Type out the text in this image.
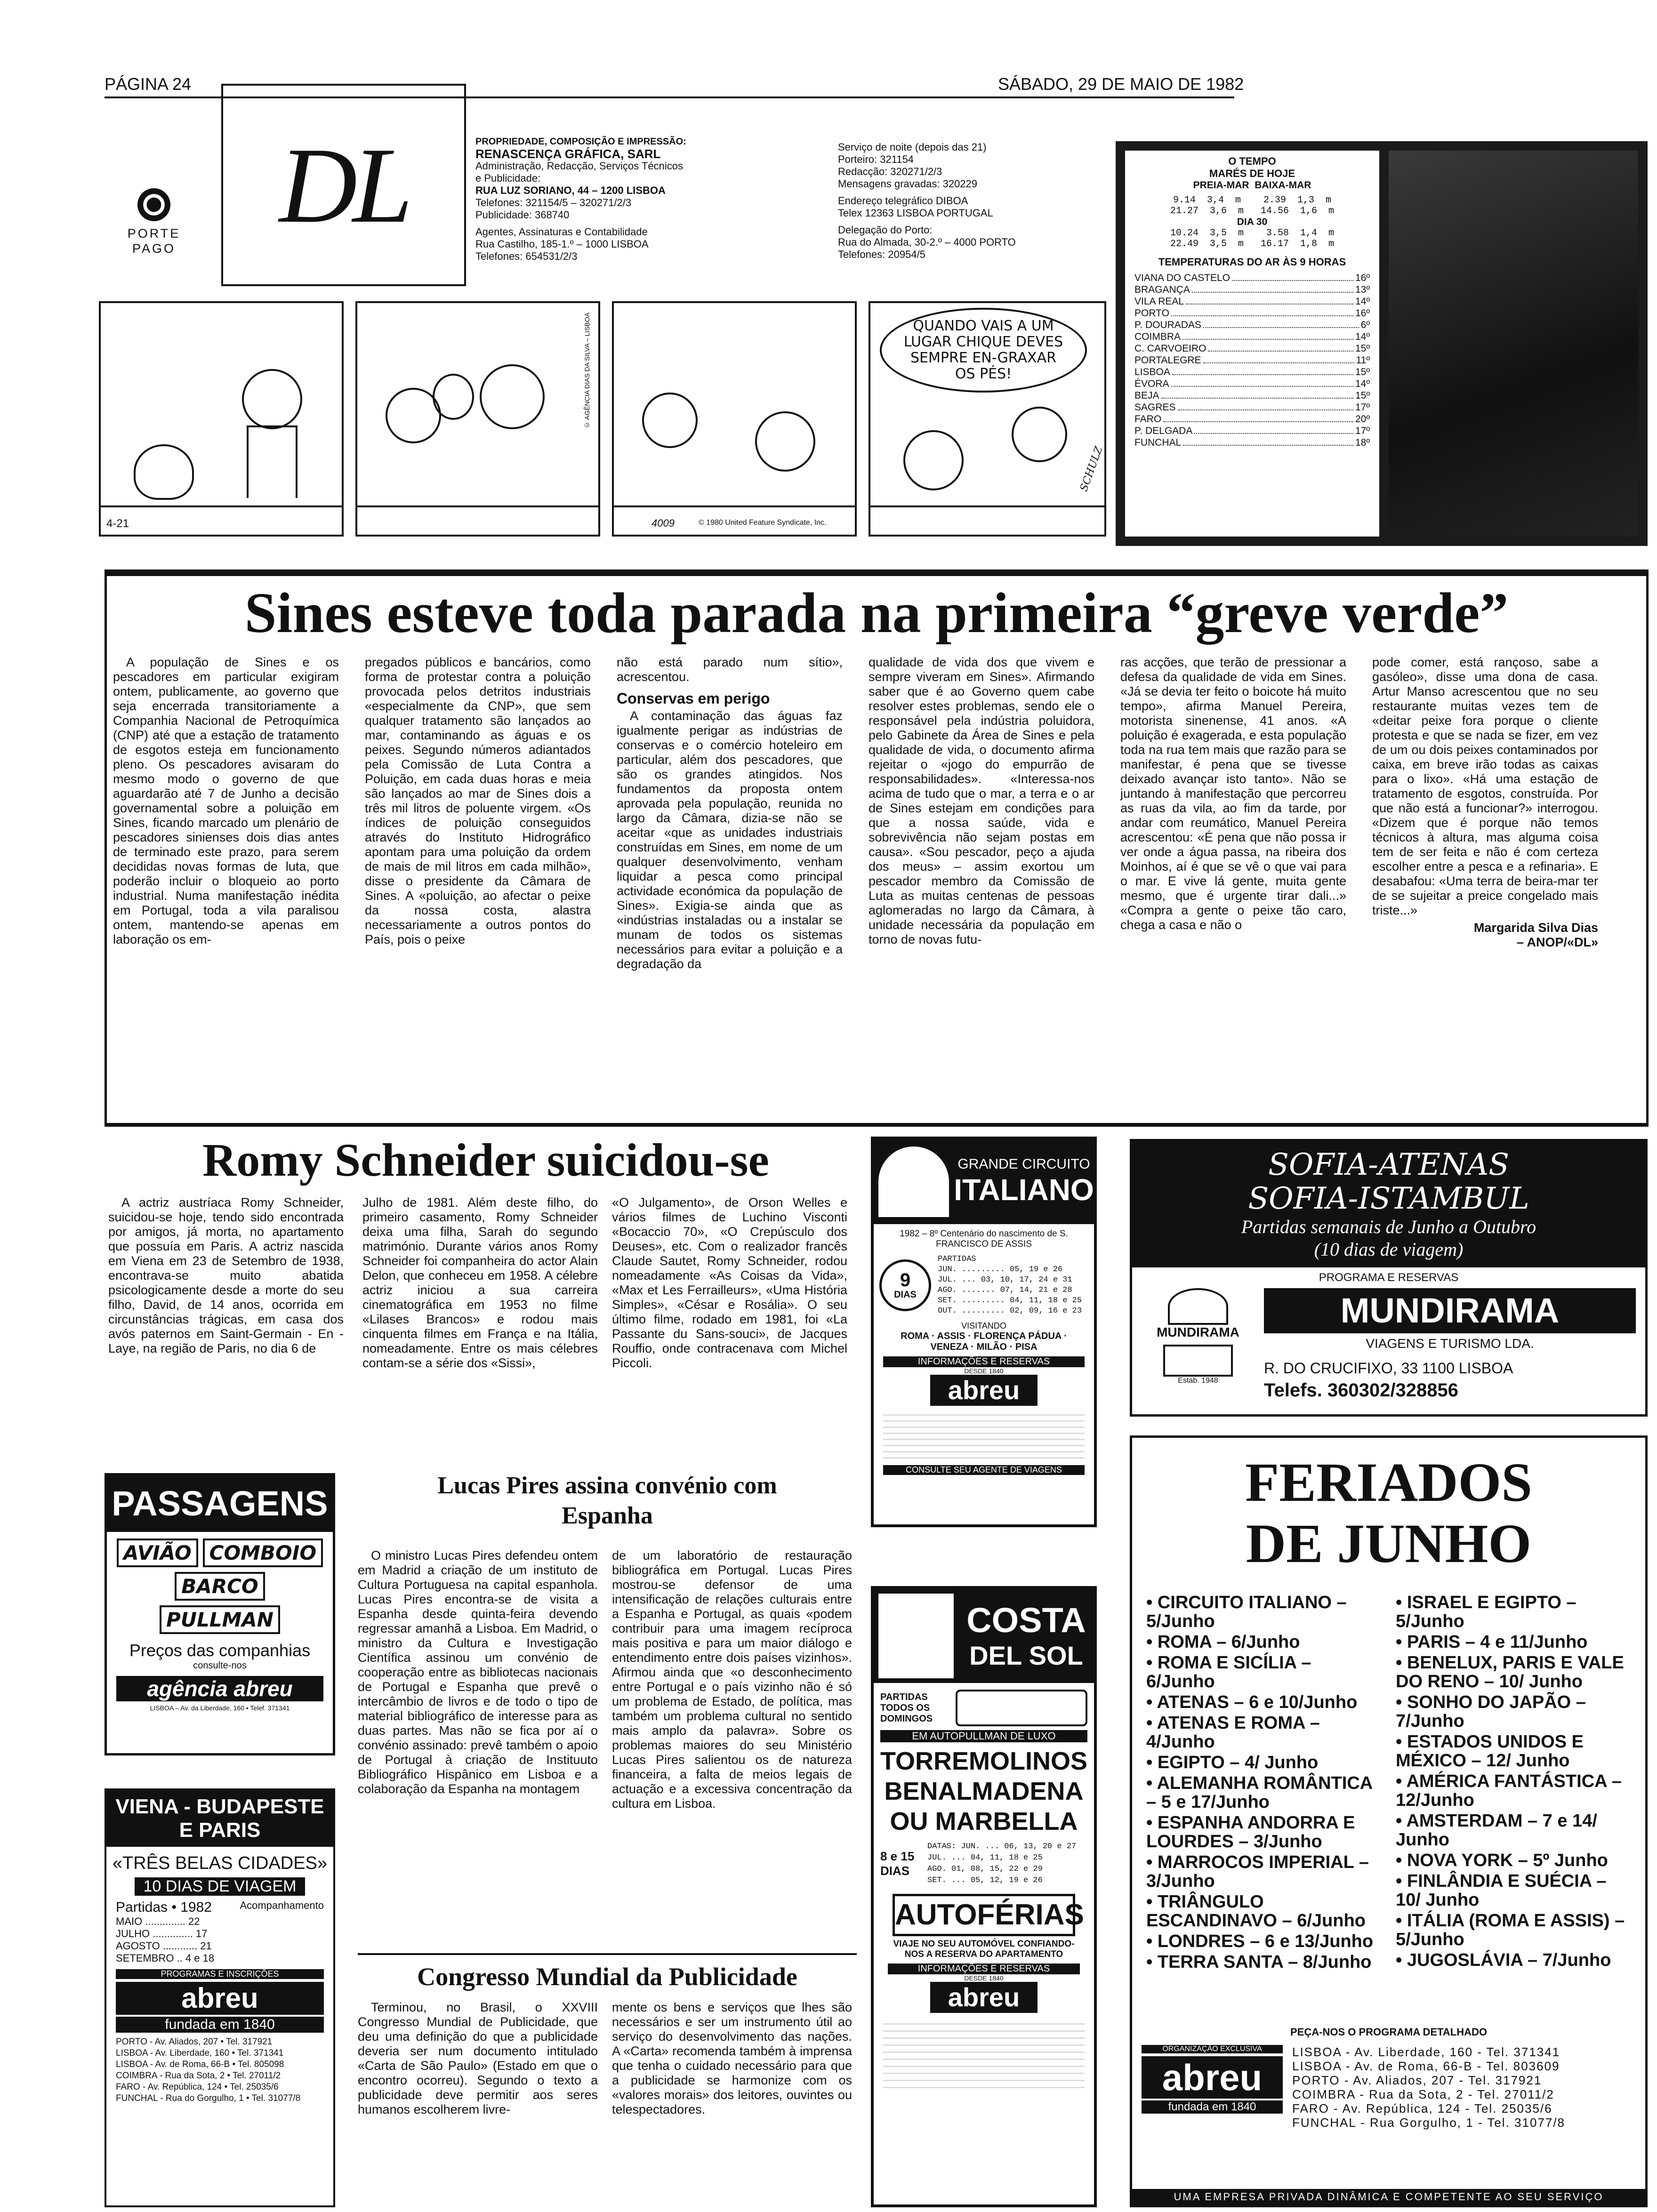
PÁGINA 24	SÁBADO, 29 DE MAIO DE 1982
PORTE PAGO
DL	PROPRIEDADE, COMPOSIÇÃO E IMPRESSÃO:
RENASCENÇA GRÁFICA, SARL
Administração, Redacção, Serviços Técnicos
e Publicidade:
RUA LUZ SORIANO, 44 – 1200 LISBOA
Telefones: 321154/5 – 320271/2/3
Publicidade: 368740
Agentes, Assinaturas e Contabilidade
Rua Castilho, 185-1.º – 1000 LISBOA
Telefones: 654531/2/3
Serviço de noite (depois das 21)
Porteiro: 321154
Redacção: 320271/2/3
Mensagens gravadas: 320229
Endereço telegráfico DIBOA
Telex 12363 LISBOA PORTUGAL
Delegação do Porto:
Rua do Almada, 30-2.º – 4000 PORTO
Telefones: 20954/5
O TEMPO
MARÉS DE HOJE
PREIA-MAR  BAIXA-MAR
9.14  3,4  m    2.39  1,3  m
21.27  3,6  m   14.56  1,6  m
DIA 30
10.24  3,5  m    3.58  1,4  m
22.49  3,5  m   16.17  1,8  m
TEMPERATURAS DO AR ÀS 9 HORAS
VIANA DO CASTELO	16º
BRAGANÇA	13º
VILA REAL	14º
PORTO	16º
P. DOURADAS	6º
COIMBRA	14º
C. CARVOEIRO	15º
PORTALEGRE	11º
LISBOA	15º
ÉVORA	14º
BEJA	15º
SAGRES	17º
FARO	20º
P. DELGADA	17º
FUNCHAL	18º
4-21
© AGÊNCIA DIAS DA SILVA – LISBOA
4009	© 1980 United Feature Syndicate, Inc.
QUANDO VAIS A UM LUGAR CHIQUE DEVES SEMPRE EN-GRAXAR OS PÉS!
SCHULZ
Sines esteve toda parada na primeira “greve verde”

A população de Sines e os pescadores em particular exigiram ontem, publicamente, ao governo que seja encerrada transitoriamente a Companhia Nacional de Petroquímica (CNP) até que a estação de tratamento de esgotos esteja em funcionamento pleno. Os pescadores avisaram do mesmo modo o governo de que aguardarão até 7 de Junho a decisão governamental sobre a poluição em Sines, ficando marcado um plenário de pescadores sinienses dois dias antes de terminado este prazo, para serem decididas novas formas de luta, que poderão incluir o bloqueio ao porto industrial. Numa manifestação inédita em Portugal, toda a vila paralisou ontem, mantendo-se apenas em laboração os em-

pregados públicos e bancários, como forma de protestar contra a poluição provocada pelos detritos industriais «especialmente da CNP», que sem qualquer tratamento são lançados ao mar, contaminando as águas e os peixes. Segundo números adiantados pela Comissão de Luta Contra a Poluição, em cada duas horas e meia são lançados ao mar de Sines dois a três mil litros de poluente virgem. «Os índices de poluição conseguidos através do Instituto Hidrográfico apontam para uma poluição da ordem de mais de mil litros em cada milhão», disse o presidente da Câmara de Sines. A «poluição, ao afectar o peixe da nossa costa, alastra necessariamente a outros pontos do País, pois o peixe

não está parado num sítio», acrescentou.

Conservas em perigo

A contaminação das águas faz igualmente perigar as indústrias de conservas e o comércio hoteleiro em particular, além dos pescadores, que são os grandes atingidos. Nos fundamentos da proposta ontem aprovada pela população, reunida no largo da Câmara, dizia-se não se aceitar «que as unidades industriais construídas em Sines, em nome de um qualquer desenvolvimento, venham liquidar a pesca como principal actividade económica da população de Sines». Exigia-se ainda que as «indústrias instaladas ou a instalar se munam de todos os sistemas necessários para evitar a poluição e a degradação da

qualidade de vida dos que vivem e sempre viveram em Sines». Afirmando saber que é ao Governo quem cabe resolver estes problemas, sendo ele o responsável pela indústria poluidora, pelo Gabinete da Área de Sines e pela qualidade de vida, o documento afirma rejeitar o «jogo do empurrão de responsabilidades». «Interessa-nos acima de tudo que o mar, a terra e o ar de Sines estejam em condições para que a nossa saúde, vida e sobrevivência não sejam postas em causa». «Sou pescador, peço a ajuda dos meus» – assim exortou um pescador membro da Comissão de Luta as muitas centenas de pessoas aglomeradas no largo da Câmara, à unidade necessária da população em torno de novas futu-

ras acções, que terão de pressionar a defesa da qualidade de vida em Sines. «Já se devia ter feito o boicote há muito tempo», afirma Manuel Pereira, motorista sinenense, 41 anos. «A poluição é exagerada, e esta população toda na rua tem mais que razão para se manifestar, é pena que se tivesse deixado avançar isto tanto». Não se juntando à manifestação que percorreu as ruas da vila, ao fim da tarde, por andar com reumático, Manuel Pereira acrescentou: «É pena que não possa ir ver onde a água passa, na ribeira dos Moinhos, aí é que se vê o que vai para o mar. E vive lá gente, muita gente mesmo, que é urgente tirar dali...» «Compra a gente o peixe tão caro, chega a casa e não o

pode comer, está rançoso, sabe a gasóleo», disse uma dona de casa. Artur Manso acrescentou que no seu restaurante muitas vezes tem de «deitar peixe fora porque o cliente protesta e que se nada se fizer, em vez de um ou dois peixes contaminados por caixa, em breve irão todas as caixas para o lixo». «Há uma estação de tratamento de esgotos, construída. Por que não está a funcionar?» interrogou. «Dizem que é porque não temos técnicos à altura, mas alguma coisa tem de ser feita e não é com certeza escolher entre a pesca e a refinaria». E desabafou: «Uma terra de beira-mar ter de se sujeitar a preice congelado mais triste...»

Margarida Silva Dias
– ANOP/«DL»
Romy Schneider suicidou-se

A actriz austríaca Romy Schneider, suicidou-se hoje, tendo sido encontrada por amigos, já morta, no apartamento que possuía em Paris. A actriz nascida em Viena em 23 de Setembro de 1938, encontrava-se muito abatida psicologicamente desde a morte do seu filho, David, de 14 anos, ocorrida em circunstâncias trágicas, em casa dos avós paternos em Saint-Germain - En - Laye, na região de Paris, no dia 6 de

Julho de 1981. Além deste filho, do primeiro casamento, Romy Schneider deixa uma filha, Sarah do segundo matrimónio. Durante vários anos Romy Schneider foi companheira do actor Alain Delon, que conheceu em 1958. A célebre actriz iniciou a sua carreira cinematográfica em 1953 no filme «Lilases Brancos» e rodou mais cinquenta filmes em França e na Itália, nomeadamente. Entre os mais célebres contam-se a série dos «Sissi»,

«O Julgamento», de Orson Welles e vários filmes de Luchino Visconti «Bocaccio 70», «O Crepúsculo dos Deuses», etc. Com o realizador francês Claude Sautet, Romy Schneider, rodou nomeadamente «As Coisas da Vida», «Max et Les Ferrailleurs», «Uma História Simples», «César e Rosália». O seu último filme, rodado em 1981, foi «La Passante du Sans-souci», de Jacques Rouffio, onde contracenava com Michel Piccoli.

PASSAGENS
AVIÃO COMBOIO
BARCO
PULLMAN
Preços das companhias
consulte-nos
agência abreu
LISBOA – Av. da Liberdade, 160 • Telef. 371341
VIENA - BUDAPESTE E PARIS
«TRÊS BELAS CIDADES»
10 DIAS DE VIAGEM
Partidas • 1982	Acompanhamento
MAIO .............. 22
JULHO .............. 17
AGOSTO ............ 21
SETEMBRO .. 4 e 18
PROGRAMAS E INSCRIÇÕES
abreu
fundada em 1840
PORTO - Av. Aliados, 207 • Tel. 317921
LISBOA - Av. Liberdade, 160 • Tel. 371341
LISBOA - Av. de Roma, 66-B • Tel. 805098
COIMBRA - Rua da Sota, 2 • Tel. 27011/2
FARO - Av. República, 124 • Tel. 25035/6
FUNCHAL - Rua do Gorgulho, 1 • Tel. 31077/8
Lucas Pires assina convénio com Espanha

O ministro Lucas Pires defendeu ontem em Madrid a criação de um instituto de Cultura Portuguesa na capital espanhola. Lucas Pires encontra-se de visita a Espanha desde quinta-feira devendo regressar amanhã a Lisboa. Em Madrid, o ministro da Cultura e Investigação Científica assinou um convénio de cooperação entre as bibliotecas nacionais de Portugal e Espanha que prevê o intercâmbio de livros e de todo o tipo de material bibliográfico de interesse para as duas partes. Mas não se fica por aí o convénio assinado: prevê também o apoio de Portugal à criação de Instituuto Bibliográfico Hispânico em Lisboa e a colaboração da Espanha na montagem

de um laboratório de restauração bibliográfica em Portugal. Lucas Pires mostrou-se defensor de uma intensificação de relações culturais entre a Espanha e Portugal, as quais «podem contribuir para uma imagem recíproca mais positiva e para um maior diálogo e entendimento entre dois países vizinhos». Afirmou ainda que «o desconhecimento entre Portugal e o país vizinho não é só um problema de Estado, de política, mas também um problema cultural no sentido mais amplo da palavra». Sobre os problemas maiores do seu Ministério Lucas Pires salientou os de natureza financeira, a falta de meios legais de actuação e a excessiva concentração da cultura em Lisboa.

Congresso Mundial da Publicidade

Terminou, no Brasil, o XXVIII Congresso Mundial de Publicidade, que deu uma definição do que a publicidade deveria ser num documento intitulado «Carta de São Paulo» (Estado em que o encontro ocorreu). Segundo o texto a publicidade deve permitir aos seres humanos escolherem livre-

mente os bens e serviços que lhes são necessários e ser um instrumento útil ao serviço do desenvolvimento das nações. A «Carta» recomenda também à imprensa que tenha o cuidado necessário para que a publicidade se harmonize com os «valores morais» dos leitores, ouvintes ou telespectadores.

GRANDE CIRCUITO
ITALIANO
1982 – 8º Centenário do nascimento de S. FRANCISCO DE ASSIS
9
DIAS
PARTIDAS
JUN. ......... 05, 19 e 26
JUL. ... 03, 10, 17, 24 e 31
AGO. ....... 07, 14, 21 e 28
SET. ......... 04, 11, 18 e 25
OUT. ......... 02, 09, 16 e 23
VISITANDO
ROMA · ASSIS · FLORENÇA PÁDUA · VENEZA · MILÃO · PISA
INFORMAÇÕES E RESERVAS
DESDE 1840
abreu
CONSULTE SEU AGENTE DE VIAGENS
COSTA
DEL SOL
PARTIDAS TODOS OS DOMINGOS
EM AUTOPULLMAN DE LUXO
TORREMOLINOS
BENALMADENA
OU MARBELLA
8 e 15 DIAS
DATAS: JUN. ... 06, 13, 20 e 27
JUL. ... 04, 11, 18 e 25
AGO. 01, 08, 15, 22 e 29
SET. ... 05, 12, 19 e 26
AUTOFÉRIAS
VIAJE NO SEU AUTOMÓVEL CONFIANDO-NOS A RESERVA DO APARTAMENTO
INFORMAÇÕES E RESERVAS
DESDE 1840
abreu
SOFIA-ATENAS
SOFIA-ISTAMBUL
Partidas semanais de Junho a Outubro
(10 dias de viagem)
PROGRAMA E RESERVAS
MUNDIRAMA
Estab. 1948
MUNDIRAMA
VIAGENS E TURISMO LDA.
R. DO CRUCIFIXO, 33 1100 LISBOA
Telefs. 360302/328856
FERIADOS
DE JUNHO
• CIRCUITO ITALIANO – 5/Junho
• ROMA – 6/Junho
• ROMA E SICÍLIA – 6/Junho
• ATENAS – 6 e 10/Junho
• ATENAS E ROMA – 4/Junho
• EGIPTO – 4/ Junho
• ALEMANHA ROMÂNTICA – 5 e 17/Junho
• ESPANHA ANDORRA E LOURDES – 3/Junho
• MARROCOS IMPERIAL – 3/Junho
• TRIÂNGULO ESCANDINAVO – 6/Junho
• LONDRES – 6 e 13/Junho
• TERRA SANTA – 8/Junho
• ISRAEL E EGIPTO – 5/Junho
• PARIS – 4 e 11/Junho
• BENELUX, PARIS E VALE DO RENO – 10/ Junho
• SONHO DO JAPÃO – 7/Junho
• ESTADOS UNIDOS E MÉXICO – 12/ Junho
• AMÉRICA FANTÁSTICA – 12/Junho
• AMSTERDAM – 7 e 14/ Junho
• NOVA YORK – 5º Junho
• FINLÂNDIA E SUÉCIA – 10/ Junho
• ITÁLIA (ROMA E ASSIS) – 5/Junho
• JUGOSLÁVIA – 7/Junho
PEÇA-NOS O PROGRAMA DETALHADO
ORGANIZAÇÃO EXCLUSIVA
abreu
fundada em 1840
LISBOA - Av. Liberdade, 160 - Tel. 371341
LISBOA - Av. de Roma, 66-B - Tel. 803609
PORTO - Av. Aliados, 207 - Tel. 317921
COIMBRA - Rua da Sota, 2 - Tel. 27011/2
FARO - Av. República, 124 - Tel. 25035/6
FUNCHAL - Rua Gorgulho, 1 - Tel. 31077/8
UMA EMPRESA PRIVADA DINÂMICA E COMPETENTE AO SEU SERVIÇO
